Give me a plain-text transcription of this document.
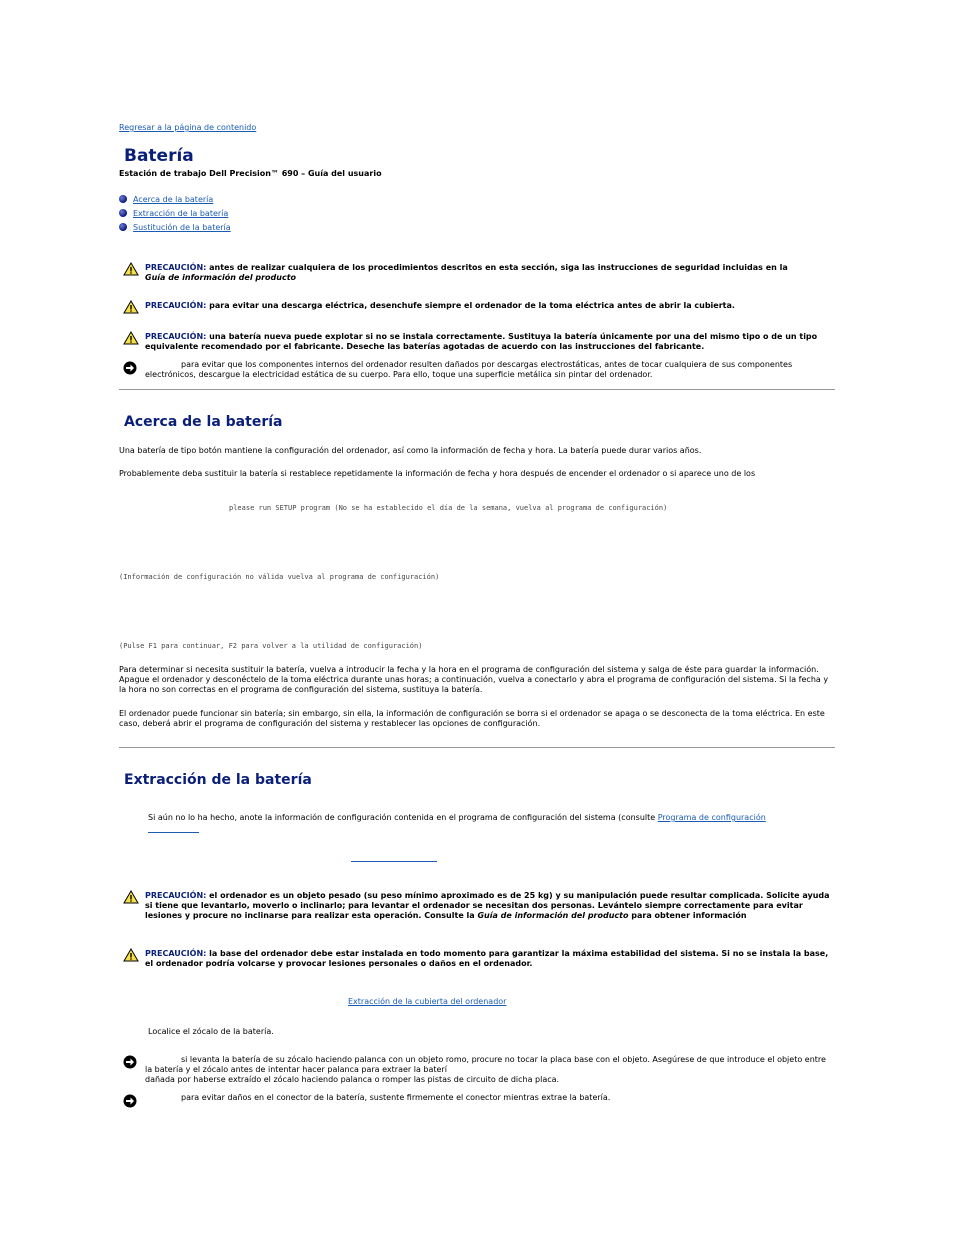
Regresar a la página de contenido
Batería
Estación de trabajo Dell Precision™ 690 – Guía del usuario
Acerca de la batería
Extracción de la batería
Sustitución de la batería
PRECAUCIÓN: antes de realizar cualquiera de los procedimientos descritos en esta sección, siga las instrucciones de seguridad incluidas en la
Guía de información del producto
PRECAUCIÓN: para evitar una descarga eléctrica, desenchufe siempre el ordenador de la toma eléctrica antes de abrir la cubierta.
PRECAUCIÓN: una batería nueva puede explotar si no se instala correctamente. Sustituya la batería únicamente por una del mismo tipo o de un tipo equivalente recomendado por el fabricante. Deseche las baterías agotadas de acuerdo con las instrucciones del fabricante.
para evitar que los componentes internos del ordenador resulten dañados por descargas electrostáticas, antes de tocar cualquiera de sus componentes electrónicos, descargue la electricidad estática de su cuerpo. Para ello, toque una superficie metálica sin pintar del ordenador.
Acerca de la batería
Una batería de tipo botón mantiene la configuración del ordenador, así como la información de fecha y hora. La batería puede durar varios años.
Probablemente deba sustituir la batería si restablece repetidamente la información de fecha y hora después de encender el ordenador o si aparece uno de los
please run SETUP program (No se ha establecido el día de la semana, vuelva al programa de configuración)
(Información de configuración no válida vuelva al programa de configuración)
(Pulse F1 para continuar, F2 para volver a la utilidad de configuración)
Para determinar si necesita sustituir la batería, vuelva a introducir la fecha y la hora en el programa de configuración del sistema y salga de éste para guardar la información. Apague el ordenador y desconéctelo de la toma eléctrica durante unas horas; a continuación, vuelva a conectarlo y abra el programa de configuración del sistema. Si la fecha y la hora no son correctas en el programa de configuración del sistema, sustituya la batería.
El ordenador puede funcionar sin batería; sin embargo, sin ella, la información de configuración se borra si el ordenador se apaga o se desconecta de la toma eléctrica. En este caso, deberá abrir el programa de configuración del sistema y restablecer las opciones de configuración.
Extracción de la batería
Si aún no lo ha hecho, anote la información de configuración contenida en el programa de configuración del sistema (consulte Programa de configuración
PRECAUCIÓN: el ordenador es un objeto pesado (su peso mínimo aproximado es de 25 kg) y su manipulación puede resultar complicada. Solicite ayuda si tiene que levantarlo, moverlo o inclinarlo; para levantar el ordenador se necesitan dos personas. Levántelo siempre correctamente para evitar lesiones y procure no inclinarse para realizar esta operación. Consulte la Guía de información del producto para obtener información
PRECAUCIÓN: la base del ordenador debe estar instalada en todo momento para garantizar la máxima estabilidad del sistema. Si no se instala la base, el ordenador podría volcarse y provocar lesiones personales o daños en el ordenador.
Extracción de la cubierta del ordenador
Localice el zócalo de la batería.
si levanta la batería de su zócalo haciendo palanca con un objeto romo, procure no tocar la placa base con el objeto. Asegúrese de que introduce el objeto entre la batería y el zócalo antes de intentar hacer palanca para extraer la baterí
dañada por haberse extraído el zócalo haciendo palanca o romper las pistas de circuito de dicha placa.
para evitar daños en el conector de la batería, sustente firmemente el conector mientras extrae la batería.
